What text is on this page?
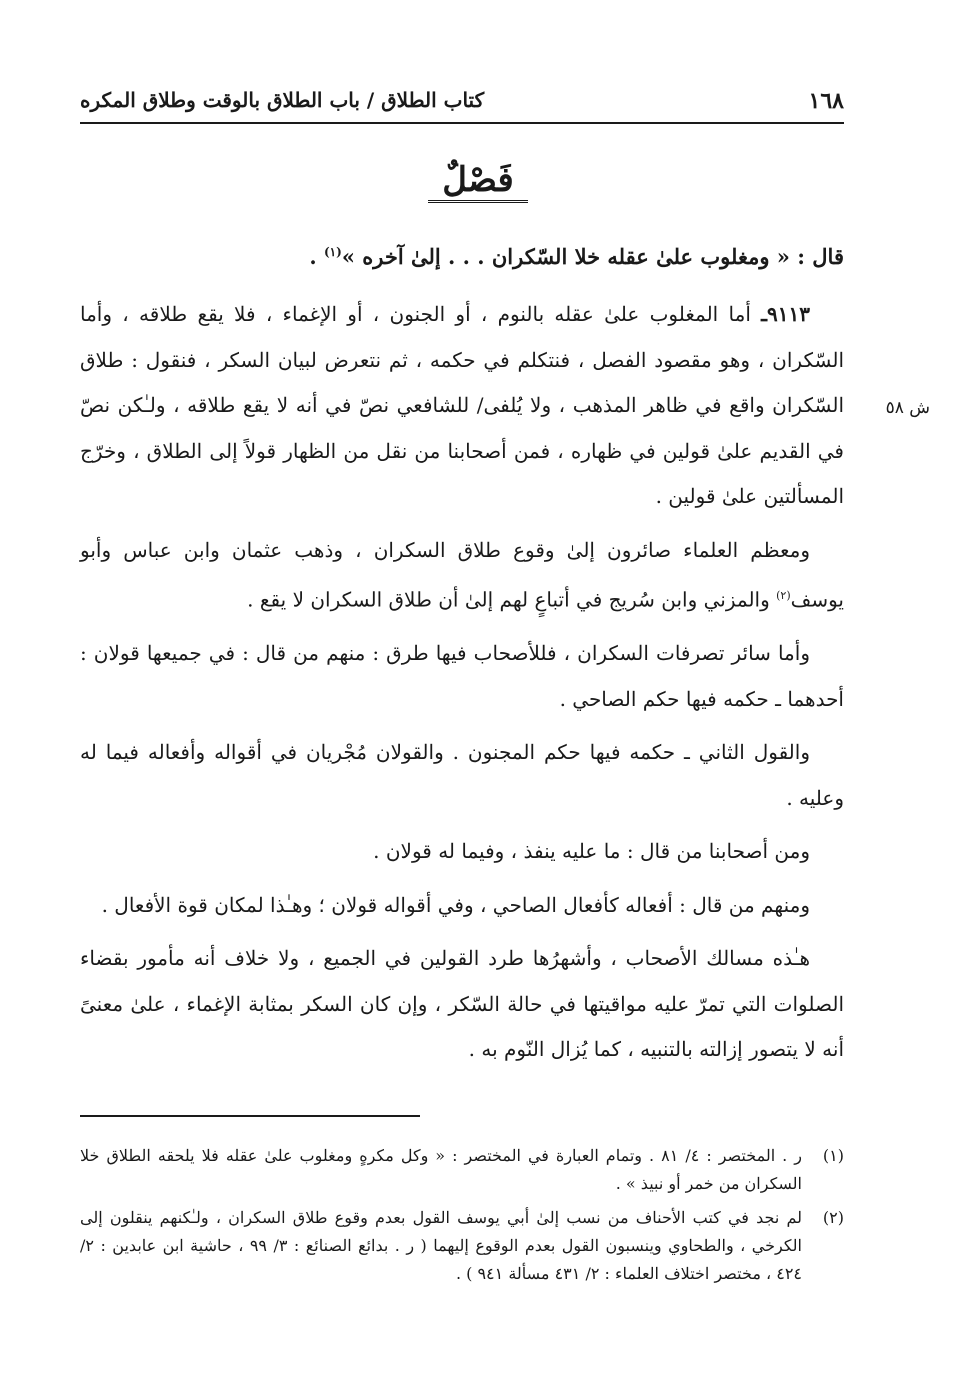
١٦٨
كتاب الطلاق / باب الطلاق بالوقت وطلاق المكره
فَصْلٌ
قال : « ومغلوب علىٰ عقله خلا السّكران . . . إلىٰ آخره »$^{(١)}$ .
ش ٥٨

٩١١٣ـ أما المغلوب علىٰ عقله بالنوم ، أو الجنون ، أو الإغماء ، فلا يقع طلاقه ، وأما السّكران ، وهو مقصود الفصل ، فنتكلم في حكمه ، ثم نتعرض لبيان السكر ، فنقول : طلاق السّكران واقع في ظاهر المذهب ، ولا يُلفى/ للشافعي نصّ في أنه لا يقع طلاقه ، ولـٰكن نصّ في القديم علىٰ قولين في ظهاره ، فمن أصحابنا من نقل من الظهار قولاً إلى الطلاق ، وخرّج المسألتين علىٰ قولين .

ومعظم العلماء صائرون إلىٰ وقوع طلاق السكران ، وذهب عثمان وابن عباس وأبو يوسف$^{(٢)}$ والمزني وابن سُريج في أتباعٍ لهم إلىٰ أن طلاق السكران لا يقع .

وأما سائر تصرفات السكران ، فللأصحاب فيها طرق : منهم من قال : في جميعها قولان : أحدهما ـ حكمه فيها حكم الصاحي .

والقول الثاني ـ حكمه فيها حكم المجنون . والقولان مُجْريان في أقواله وأفعاله فيما له وعليه .

ومن أصحابنا من قال : ما عليه ينفذ ، وفيما له قولان .

ومنهم من قال : أفعاله كأفعال الصاحي ، وفي أقواله قولان ؛ وهـٰذا لمكان قوة الأفعال .

هـٰذه مسالك الأصحاب ، وأشهرُها طرد القولين في الجميع ، ولا خلاف أنه مأمور بقضاء الصلوات التي تمرّ عليه مواقيتها في حالة السّكر ، وإن كان السكر بمثابة الإغماء ، علىٰ معنىً أنه لا يتصور إزالته بالتنبيه ، كما يُزال النّوم به .

(١)
ر . المختصر : ٤/ ٨١ . وتمام العبارة في المختصر : « وكل مكرهٍ ومغلوب علىٰ عقله فلا يلحقه الطلاق خلا السكران من خمر أو نبيذ » .
(٢)
لم نجد في كتب الأحناف من نسب إلىٰ أبي يوسف القول بعدم وقوع طلاق السكران ، ولـٰكنهم ينقلون إلى الكرخي ، والطحاوي وينسبون القول بعدم الوقوع إليهما ( ر . بدائع الصنائع : ٣/ ٩٩ ، حاشية ابن عابدين : ٢/ ٤٢٤ ، مختصر اختلاف العلماء : ٢/ ٤٣١ مسألة ٩٤١ ) .
